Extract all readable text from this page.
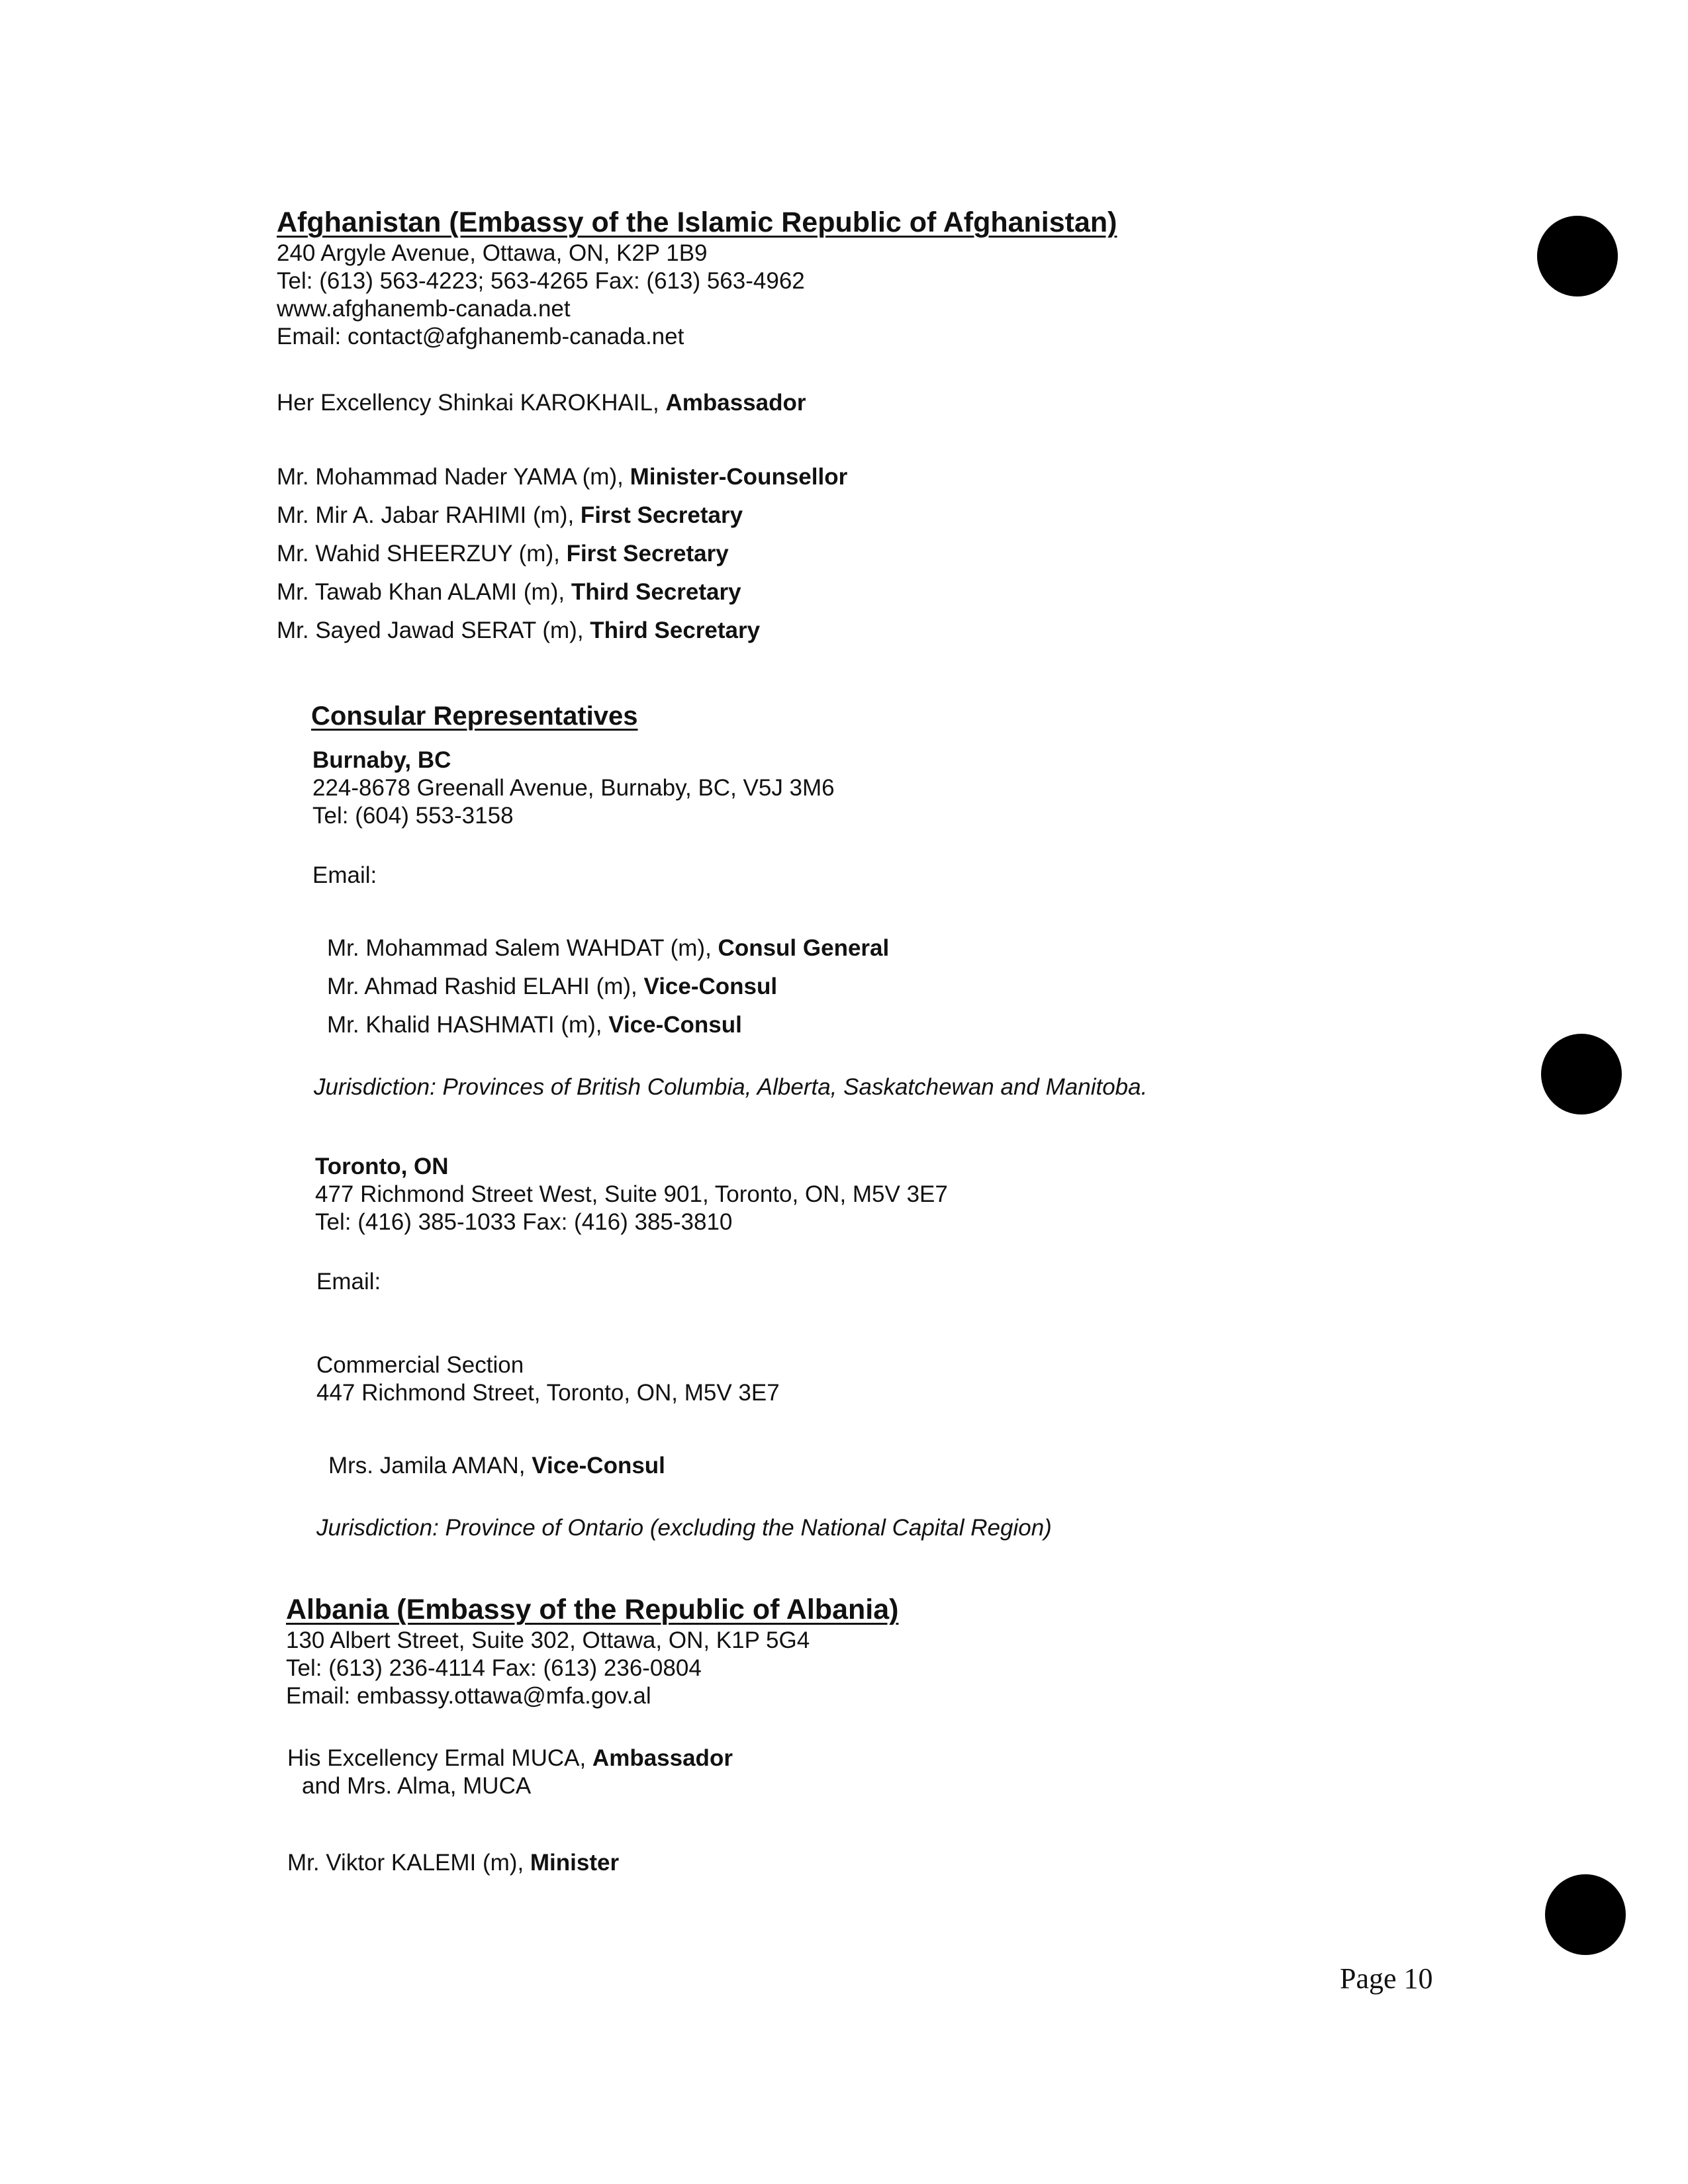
Afghanistan (Embassy of the Islamic Republic of Afghanistan)
240 Argyle Avenue, Ottawa, ON, K2P 1B9
Tel: (613) 563-4223; 563-4265 Fax: (613) 563-4962
www.afghanemb-canada.net
Email: contact@afghanemb-canada.net
Her Excellency Shinkai KAROKHAIL, Ambassador
Mr. Mohammad Nader YAMA (m), Minister-Counsellor
Mr. Mir A. Jabar RAHIMI (m), First Secretary
Mr. Wahid SHEERZUY (m), First Secretary
Mr. Tawab Khan ALAMI (m), Third Secretary
Mr. Sayed Jawad SERAT (m), Third Secretary
Consular Representatives
Burnaby, BC
224-8678 Greenall Avenue, Burnaby, BC, V5J 3M6
Tel: (604) 553-3158
Email:
Mr. Mohammad Salem WAHDAT (m), Consul General
Mr. Ahmad Rashid ELAHI (m), Vice-Consul
Mr. Khalid HASHMATI (m), Vice-Consul
Jurisdiction: Provinces of British Columbia, Alberta, Saskatchewan and Manitoba.
Toronto, ON
477 Richmond Street West, Suite 901, Toronto, ON, M5V 3E7
Tel: (416) 385-1033 Fax: (416) 385-3810
Email:
Commercial Section
447 Richmond Street, Toronto, ON, M5V 3E7
Mrs. Jamila AMAN, Vice-Consul
Jurisdiction: Province of Ontario (excluding the National Capital Region)
Albania (Embassy of the Republic of Albania)
130 Albert Street, Suite 302, Ottawa, ON, K1P 5G4
Tel: (613) 236-4114 Fax: (613) 236-0804
Email: embassy.ottawa@mfa.gov.al
His Excellency Ermal MUCA, Ambassador
and Mrs. Alma, MUCA
Mr. Viktor KALEMI (m), Minister
Page 10
